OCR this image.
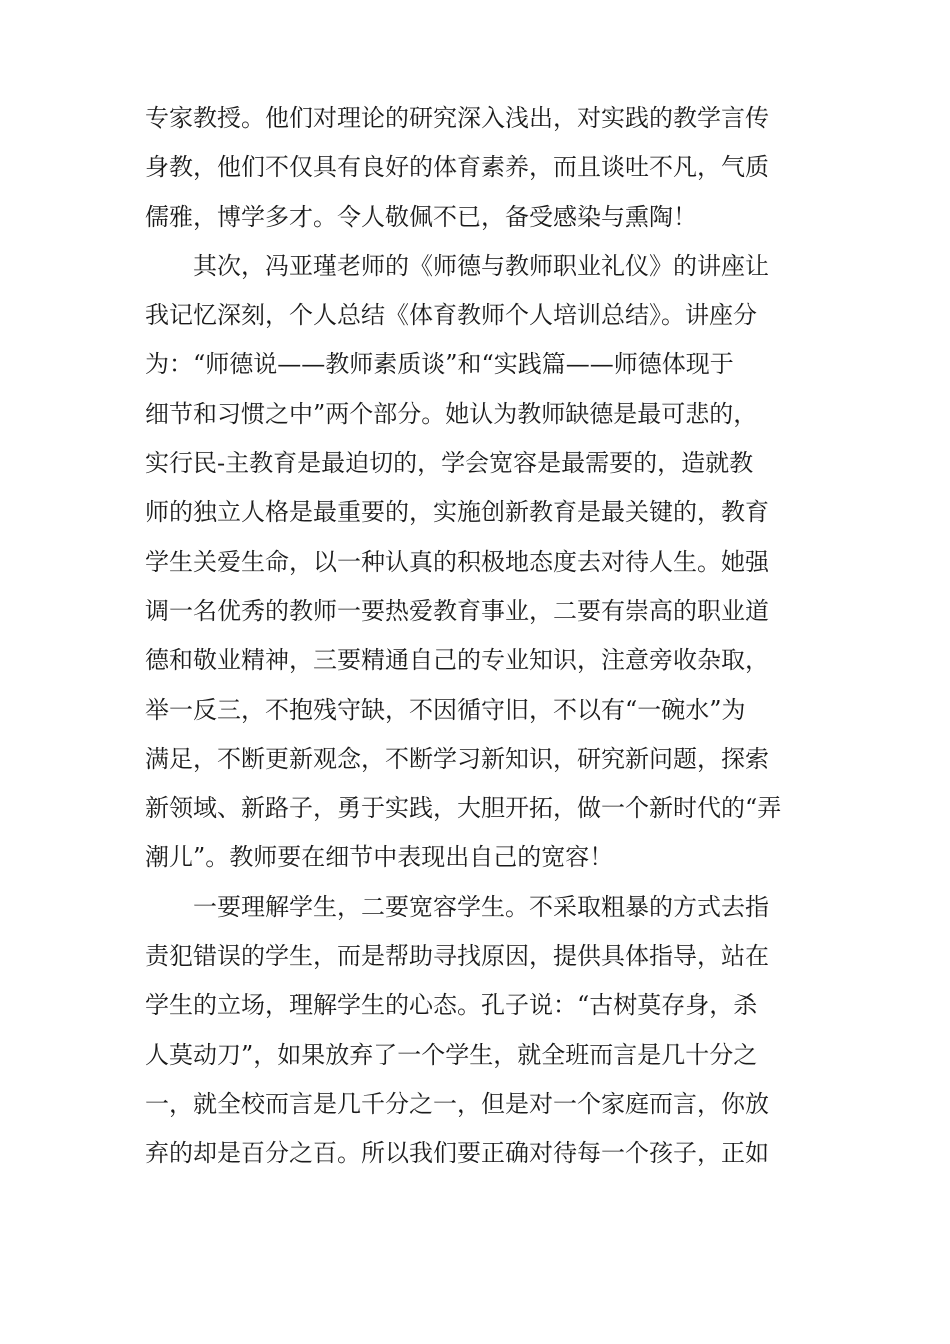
专家教授。他们对理论的研究深入浅出，对实践的教学言传
身教，他们不仅具有良好的体育素养，而且谈吐不凡，气质
儒雅，博学多才。令人敬佩不已，备受感染与熏陶！
其次，冯亚瑾老师的《师德与教师职业礼仪》的讲座让
我记忆深刻，个人总结《体育教师个人培训总结》。讲座分
为：“师德说——教师素质谈”和“实践篇——师德体现于
细节和习惯之中”两个部分。她认为教师缺德是最可悲的，
实行民-主教育是最迫切的，学会宽容是最需要的，造就教
师的独立人格是最重要的，实施创新教育是最关键的，教育
学生关爱生命，以一种认真的积极地态度去对待人生。她强
调一名优秀的教师一要热爱教育事业，二要有崇高的职业道
德和敬业精神，三要精通自己的专业知识，注意旁收杂取，
举一反三，不抱残守缺，不因循守旧，不以有“一碗水”为
满足，不断更新观念，不断学习新知识，研究新问题，探索
新领域、新路子，勇于实践，大胆开拓，做一个新时代的“弄
潮儿”。教师要在细节中表现出自己的宽容！
一要理解学生，二要宽容学生。不采取粗暴的方式去指
责犯错误的学生，而是帮助寻找原因，提供具体指导，站在
学生的立场，理解学生的心态。孔子说：“古树莫存身，杀
人莫动刀”，如果放弃了一个学生，就全班而言是几十分之
一，就全校而言是几千分之一，但是对一个家庭而言，你放
弃的却是百分之百。所以我们要正确对待每一个孩子，正如
